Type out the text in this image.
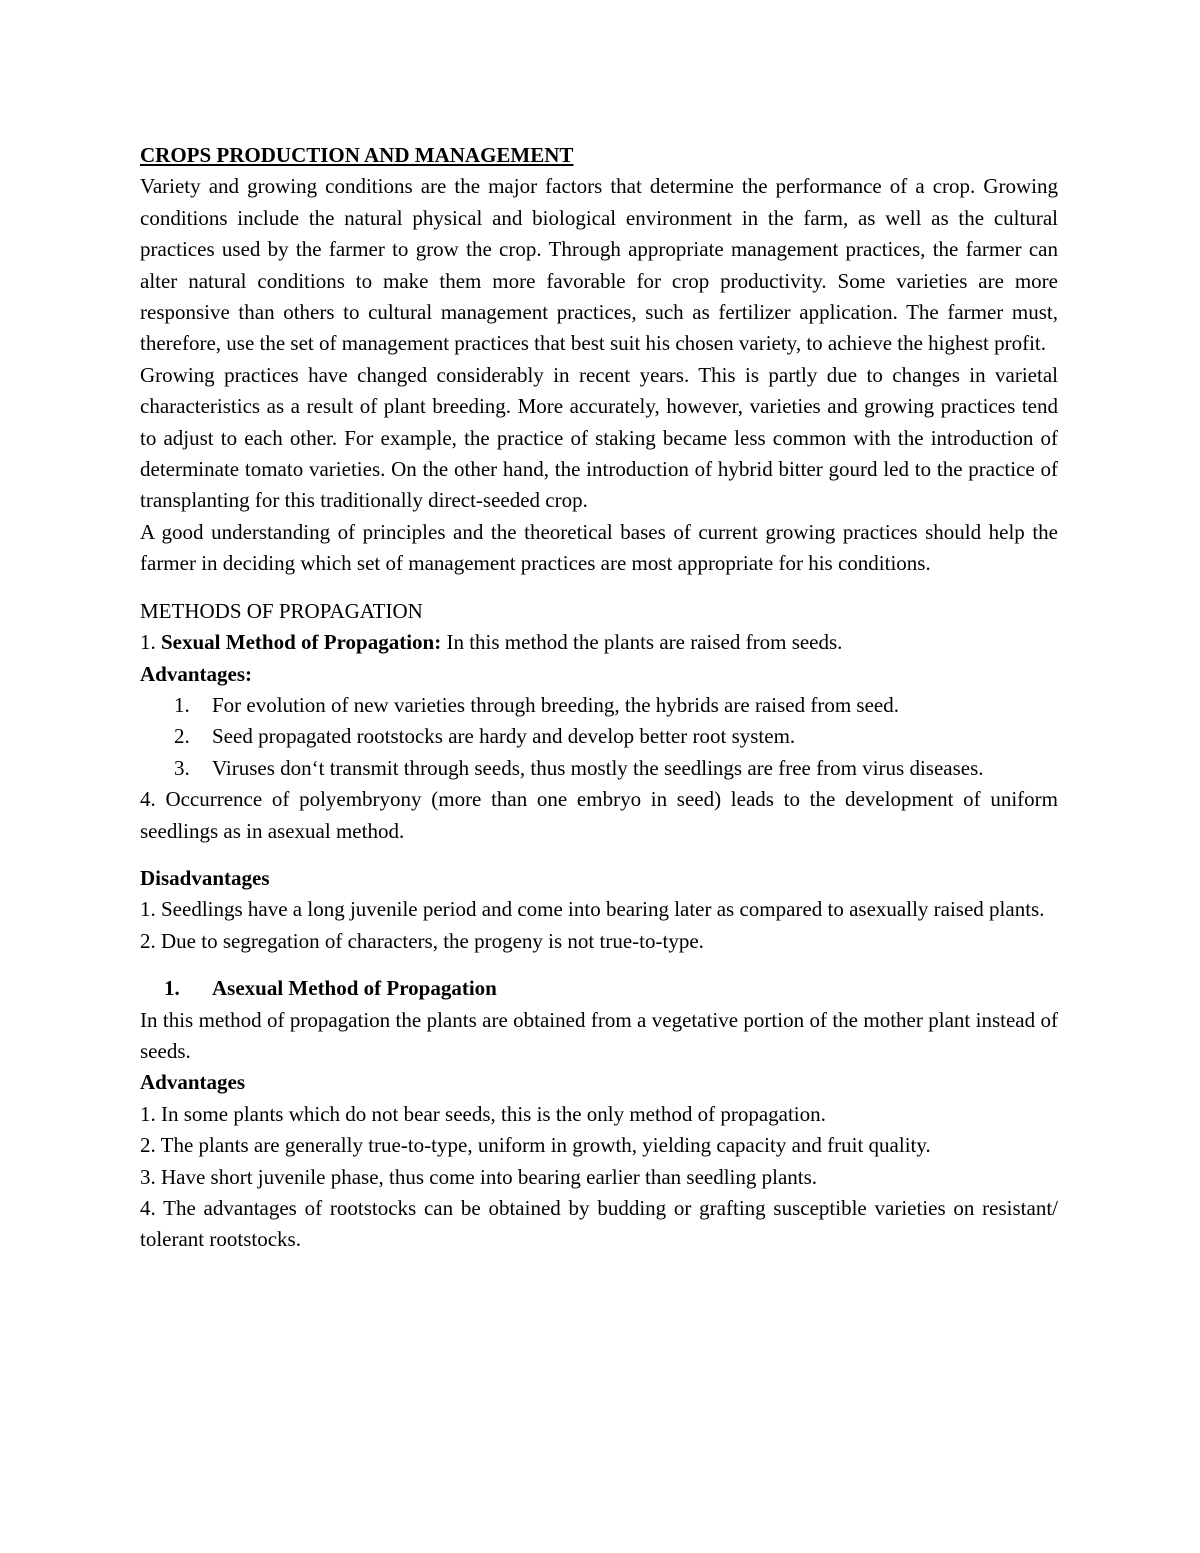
CROPS PRODUCTION AND MANAGEMENT

Variety and growing conditions are the major factors that determine the performance of a crop. Growing conditions include the natural physical and biological environment in the farm, as well as the cultural practices used by the farmer to grow the crop. Through appropriate management practices, the farmer can alter natural conditions to make them more favorable for crop productivity. Some varieties are more responsive than others to cultural management practices, such as fertilizer application. The farmer must, therefore, use the set of management practices that best suit his chosen variety, to achieve the highest profit.

Growing practices have changed considerably in recent years. This is partly due to changes in varietal characteristics as a result of plant breeding. More accurately, however, varieties and growing practices tend to adjust to each other. For example, the practice of staking became less common with the introduction of determinate tomato varieties. On the other hand, the introduction of hybrid bitter gourd led to the practice of transplanting for this traditionally direct-seeded crop.

A good understanding of principles and the theoretical bases of current growing practices should help the farmer in deciding which set of management practices are most appropriate for his conditions.

METHODS OF PROPAGATION

1. Sexual Method of Propagation: In this method the plants are raised from seeds.

Advantages:

1. For evolution of new varieties through breeding, the hybrids are raised from seed.
2. Seed propagated rootstocks are hardy and develop better root system.
3. Viruses don‘t transmit through seeds, thus mostly the seedlings are free from virus diseases.

4. Occurrence of polyembryony (more than one embryo in seed) leads to the development of uniform seedlings as in asexual method.

Disadvantages

1. Seedlings have a long juvenile period and come into bearing later as compared to asexually raised plants.

2. Due to segregation of characters, the progeny is not true-to-type.

1. Asexual Method of Propagation

In this method of propagation the plants are obtained from a vegetative portion of the mother plant instead of seeds.

Advantages

1. In some plants which do not bear seeds, this is the only method of propagation.

2. The plants are generally true-to-type, uniform in growth, yielding capacity and fruit quality.

3. Have short juvenile phase, thus come into bearing earlier than seedling plants.

4. The advantages of rootstocks can be obtained by budding or grafting susceptible varieties on resistant/ tolerant rootstocks.
